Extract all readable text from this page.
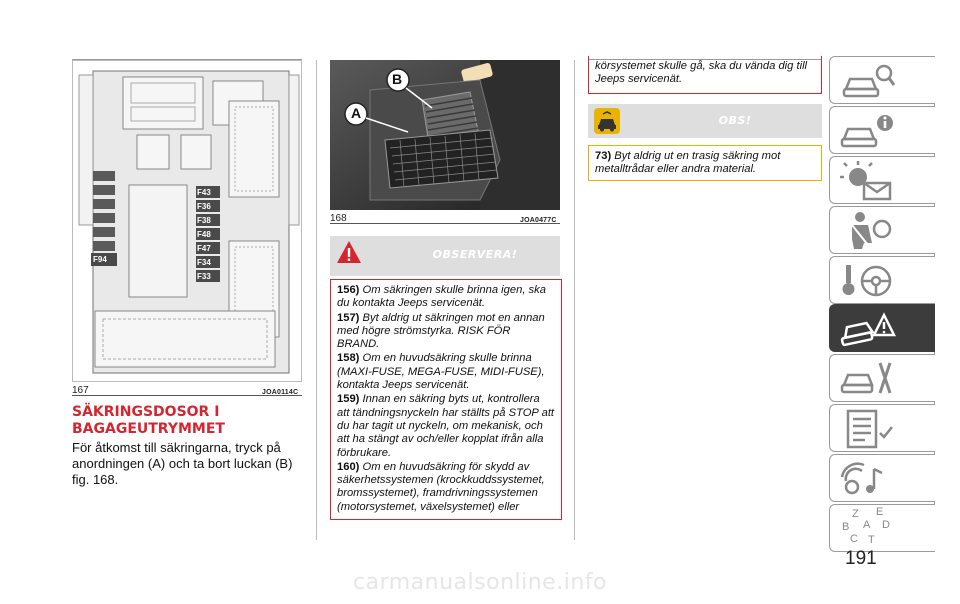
F43
F36
F38
F48
F47
F34
F33
F94
167	JOA0114C
SÄKRINGSDOSOR I BAGAGEUTRYMMET
För åtkomst till säkringarna, tryck på anordningen (A) och ta bort luckan (B) fig. 168.
B
A
168	JOA0477C
OBSERVERA!

156) Om säkringen skulle brinna igen, ska du kontakta Jeeps servicenät.

157) Byt aldrig ut säkringen mot en annan med högre strömstyrka. RISK FÖR BRAND.

158) Om en huvudsäkring skulle brinna (MAXI-FUSE, MEGA-FUSE, MIDI-FUSE), kontakta Jeeps servicenät.

159) Innan en säkring byts ut, kontrollera att tändningsnyckeln har ställts på STOP att du har tagit ut nyckeln, om mekanisk, och att ha stängt av och/eller kopplat ifrån alla förbrukare.

160) Om en huvudsäkring för skydd av säkerhetssystemen (krockkuddssystemet, bromssystemet), framdrivningssystemen (motorsystemet, växelsystemet) eller

körsystemet skulle gå, ska du vända dig till Jeeps servicenät.
OBS!

73) Byt aldrig ut en trasig säkring mot metalltrådar eller andra material.

Z E
B A
C
D
T
191
carmanualsonline.info
